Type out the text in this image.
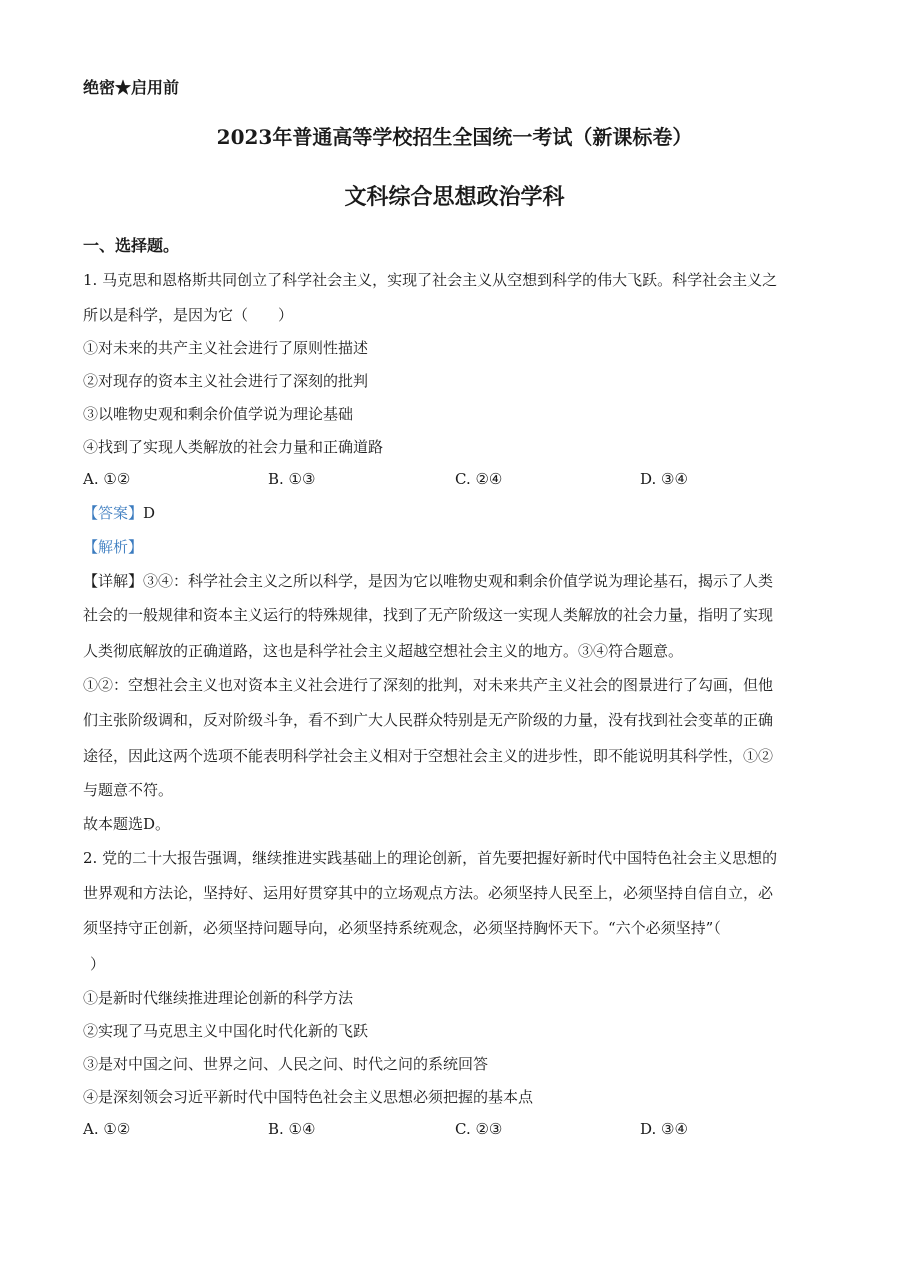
绝密★启用前
2023年普通高等学校招生全国统一考试（新课标卷）
文科综合思想政治学科
一、选择题。
1. 马克思和恩格斯共同创立了科学社会主义，实现了社会主义从空想到科学的伟大飞跃。科学社会主义之
所以是科学，是因为它（　　）
①对未来的共产主义社会进行了原则性描述
②对现存的资本主义社会进行了深刻的批判
③以唯物史观和剩余价值学说为理论基础
④找到了实现人类解放的社会力量和正确道路
A. ①②	B. ①③	C. ②④	D. ③④
【答案】D
【解析】
【详解】③④：科学社会主义之所以科学，是因为它以唯物史观和剩余价值学说为理论基石，揭示了人类
社会的一般规律和资本主义运行的特殊规律，找到了无产阶级这一实现人类解放的社会力量，指明了实现
人类彻底解放的正确道路，这也是科学社会主义超越空想社会主义的地方。③④符合题意。
①②：空想社会主义也对资本主义社会进行了深刻的批判，对未来共产主义社会的图景进行了勾画，但他
们主张阶级调和，反对阶级斗争，看不到广大人民群众特别是无产阶级的力量，没有找到社会变革的正确
途径，因此这两个选项不能表明科学社会主义相对于空想社会主义的进步性，即不能说明其科学性，①②
与题意不符。
故本题选D。
2. 党的二十大报告强调，继续推进实践基础上的理论创新，首先要把握好新时代中国特色社会主义思想的
世界观和方法论，坚持好、运用好贯穿其中的立场观点方法。必须坚持人民至上，必须坚持自信自立，必
须坚持守正创新，必须坚持问题导向，必须坚持系统观念，必须坚持胸怀天下。“六个必须坚持”（
）
①是新时代继续推进理论创新的科学方法
②实现了马克思主义中国化时代化新的飞跃
③是对中国之问、世界之问、人民之问、时代之问的系统回答
④是深刻领会习近平新时代中国特色社会主义思想必须把握的基本点
A. ①②	B. ①④	C. ②③	D. ③④
